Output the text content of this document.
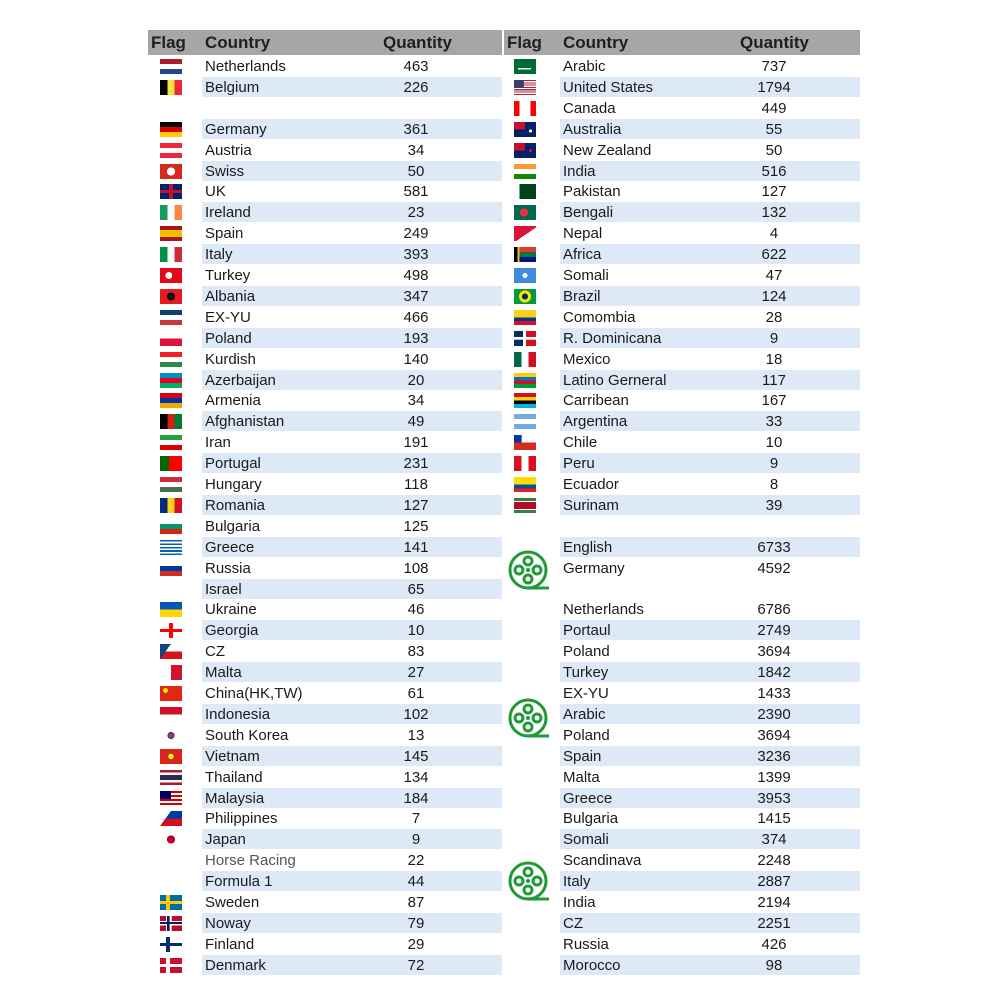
Flag Country	Quantity	Flag Country	Quantity
Netherlands	463
Belgium	226
Germany	361
Austria	34
Swiss	50
UK	581
Ireland	23
Spain	249
Italy	393
Turkey	498
Albania	347
EX-YU	466
Poland	193
Kurdish	140
Azerbaijan	20
Armenia	34
Afghanistan	49
Iran	191
Portugal	231
Hungary	118
Romania	127
Bulgaria	125
Greece	141
Russia	108
Israel	65
Ukraine	46
Georgia	10
CZ	83
Malta	27
China(HK,TW)	61
Indonesia	102
South Korea	13
Vietnam	145
Thailand	134
Malaysia	184
Philippines	7
Japan	9
Horse Racing	22
Formula 1	44
Sweden	87
Noway	79
Finland	29
Denmark	72
Arabic	737
United States	1794
Canada	449
Australia	55
New Zealand	50
India	516
Pakistan	127
Bengali	132
Nepal	4
Africa	622
Somali	47
Brazil	124
Comombia	28
R. Dominicana	9
Mexico	18
Latino Gerneral	117
Carribean	167
Argentina	33
Chile	10
Peru	9
Ecuador	8
Surinam	39
English	6733
Germany	4592
Netherlands	6786
Portaul	2749
Poland	3694
Turkey	1842
EX-YU	1433
Arabic	2390
Poland	3694
Spain	3236
Malta	1399
Greece	3953
Bulgaria	1415
Somali	374
Scandinava	2248
Italy	2887
India	2194
CZ	2251
Russia	426
Morocco	98
